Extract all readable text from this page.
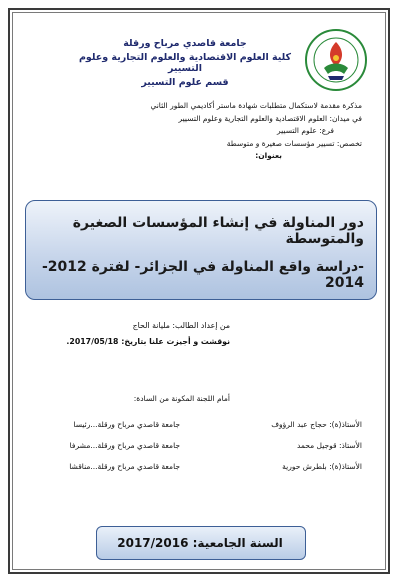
جامعة قاصدي مرباح ورقلة
كلية العلوم الاقتصادية والعلوم التجارية وعلوم التسيير
قسم علوم التسيير
مذكرة مقدمة لاستكمال متطلبات شهادة ماستر أكاديمي الطور الثاني
في ميدان: العلوم الاقتصادية والعلوم التجارية وعلوم التسيير
فرع: علوم التسيير
تخصص: تسيير مؤسسات صغيرة و متوسطة
بعنوان:
دور المناولة في إنشاء المؤسسات الصغيرة والمتوسطة
-دراسة واقع المناولة في الجزائر- لفترة 2012-2014
من إعداد الطالب: مليانة الحاج
نوقشت و أجيزت علنا بتاريخ: 2017/05/18.
أمام اللجنة المكونة من السادة:
الأستاذ(ة): حجاج عبد الرؤوف
جامعة قاصدي مرباح ورقلة...رئيسا
الأستاذ: قوجيل محمد
جامعة قاصدي مرباح ورقلة...مشرفا
الأستاذ(ة): بلطرش حورية
جامعة قاصدي مرباح ورقلة...مناقشا
السنة الجامعية: 2017/2016
